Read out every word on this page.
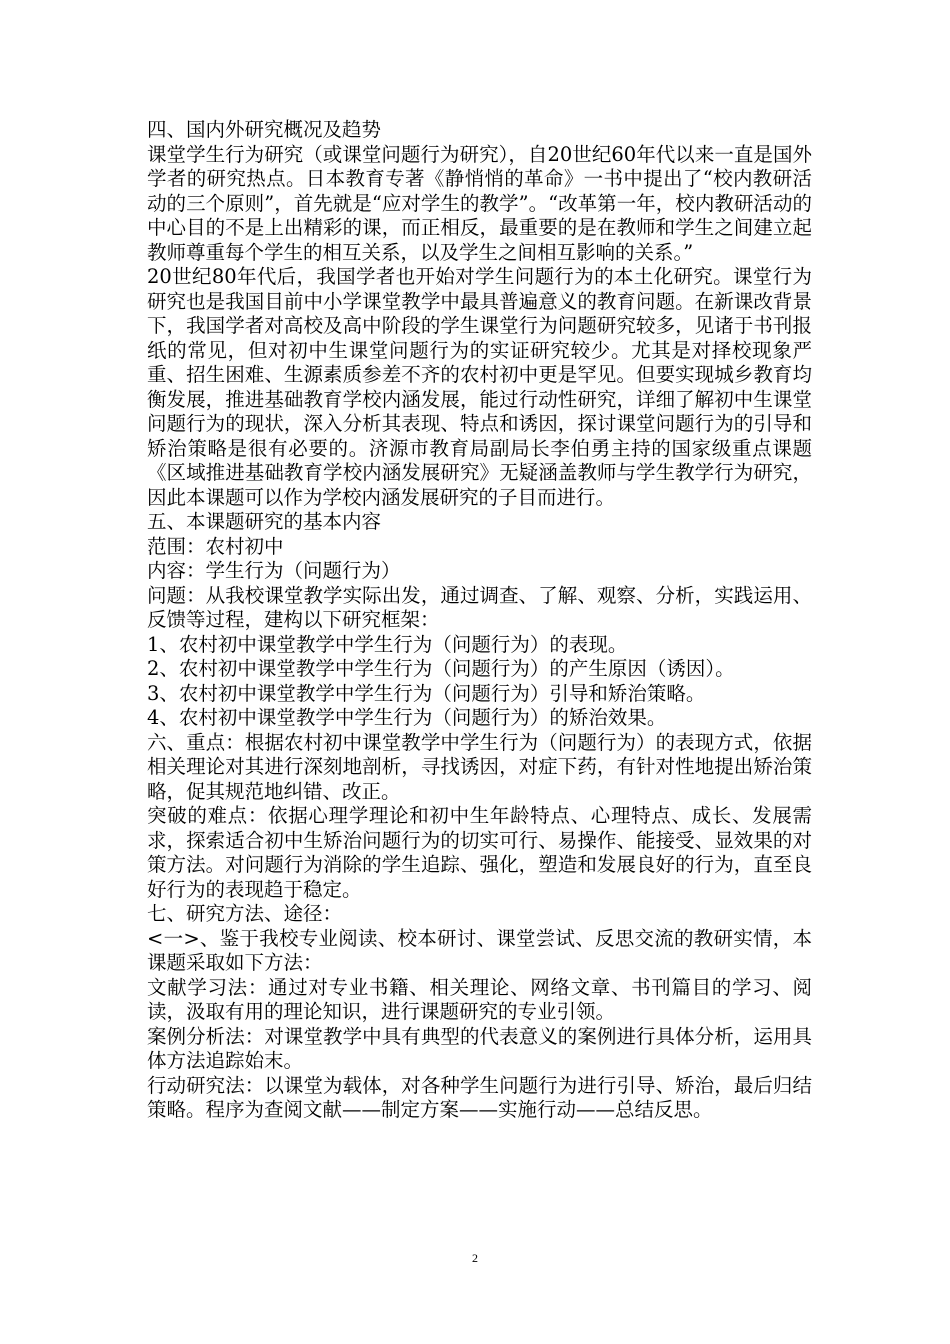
四、国内外研究概况及趋势

课堂学生行为研究（或课堂问题行为研究），自20世纪60年代以来一直是国外学者的研究热点。日本教育专著《静悄悄的革命》一书中提出了“校内教研活动的三个原则”，首先就是“应对学生的教学”。“改革第一年，校内教研活动的中心目的不是上出精彩的课，而正相反，最重要的是在教师和学生之间建立起教师尊重每个学生的相互关系，以及学生之间相互影响的关系。”

20世纪80年代后，我国学者也开始对学生问题行为的本土化研究。课堂行为研究也是我国目前中小学课堂教学中最具普遍意义的教育问题。在新课改背景下，我国学者对高校及高中阶段的学生课堂行为问题研究较多，见诸于书刊报纸的常见，但对初中生课堂问题行为的实证研究较少。尤其是对择校现象严重、招生困难、生源素质参差不齐的农村初中更是罕见。但要实现城乡教育均衡发展，推进基础教育学校内涵发展，能过行动性研究，详细了解初中生课堂问题行为的现状，深入分析其表现、特点和诱因，探讨课堂问题行为的引导和矫治策略是很有必要的。济源市教育局副局长李伯勇主持的国家级重点课题《区域推进基础教育学校内涵发展研究》无疑涵盖教师与学生教学行为研究，因此本课题可以作为学校内涵发展研究的子目而进行。

五、本课题研究的基本内容

范围：农村初中

内容：学生行为（问题行为）

问题：从我校课堂教学实际出发，通过调查、了解、观察、分析，实践运用、反馈等过程，建构以下研究框架：

1、农村初中课堂教学中学生行为（问题行为）的表现。

2、农村初中课堂教学中学生行为（问题行为）的产生原因（诱因）。

3、农村初中课堂教学中学生行为（问题行为）引导和矫治策略。

4、农村初中课堂教学中学生行为（问题行为）的矫治效果。

六、重点：根据农村初中课堂教学中学生行为（问题行为）的表现方式，依据相关理论对其进行深刻地剖析，寻找诱因，对症下药，有针对性地提出矫治策略，促其规范地纠错、改正。

突破的难点：依据心理学理论和初中生年龄特点、心理特点、成长、发展需求，探索适合初中生矫治问题行为的切实可行、易操作、能接受、显效果的对策方法。对问题行为消除的学生追踪、强化，塑造和发展良好的行为，直至良好行为的表现趋于稳定。

七、研究方法、途径：

<一>、鉴于我校专业阅读、校本研讨、课堂尝试、反思交流的教研实情，本课题采取如下方法：

文献学习法：通过对专业书籍、相关理论、网络文章、书刊篇目的学习、阅读，汲取有用的理论知识，进行课题研究的专业引领。

案例分析法：对课堂教学中具有典型的代表意义的案例进行具体分析，运用具体方法追踪始末。

行动研究法：以课堂为载体，对各种学生问题行为进行引导、矫治，最后归结策略。程序为查阅文献——制定方案——实施行动——总结反思。

2
